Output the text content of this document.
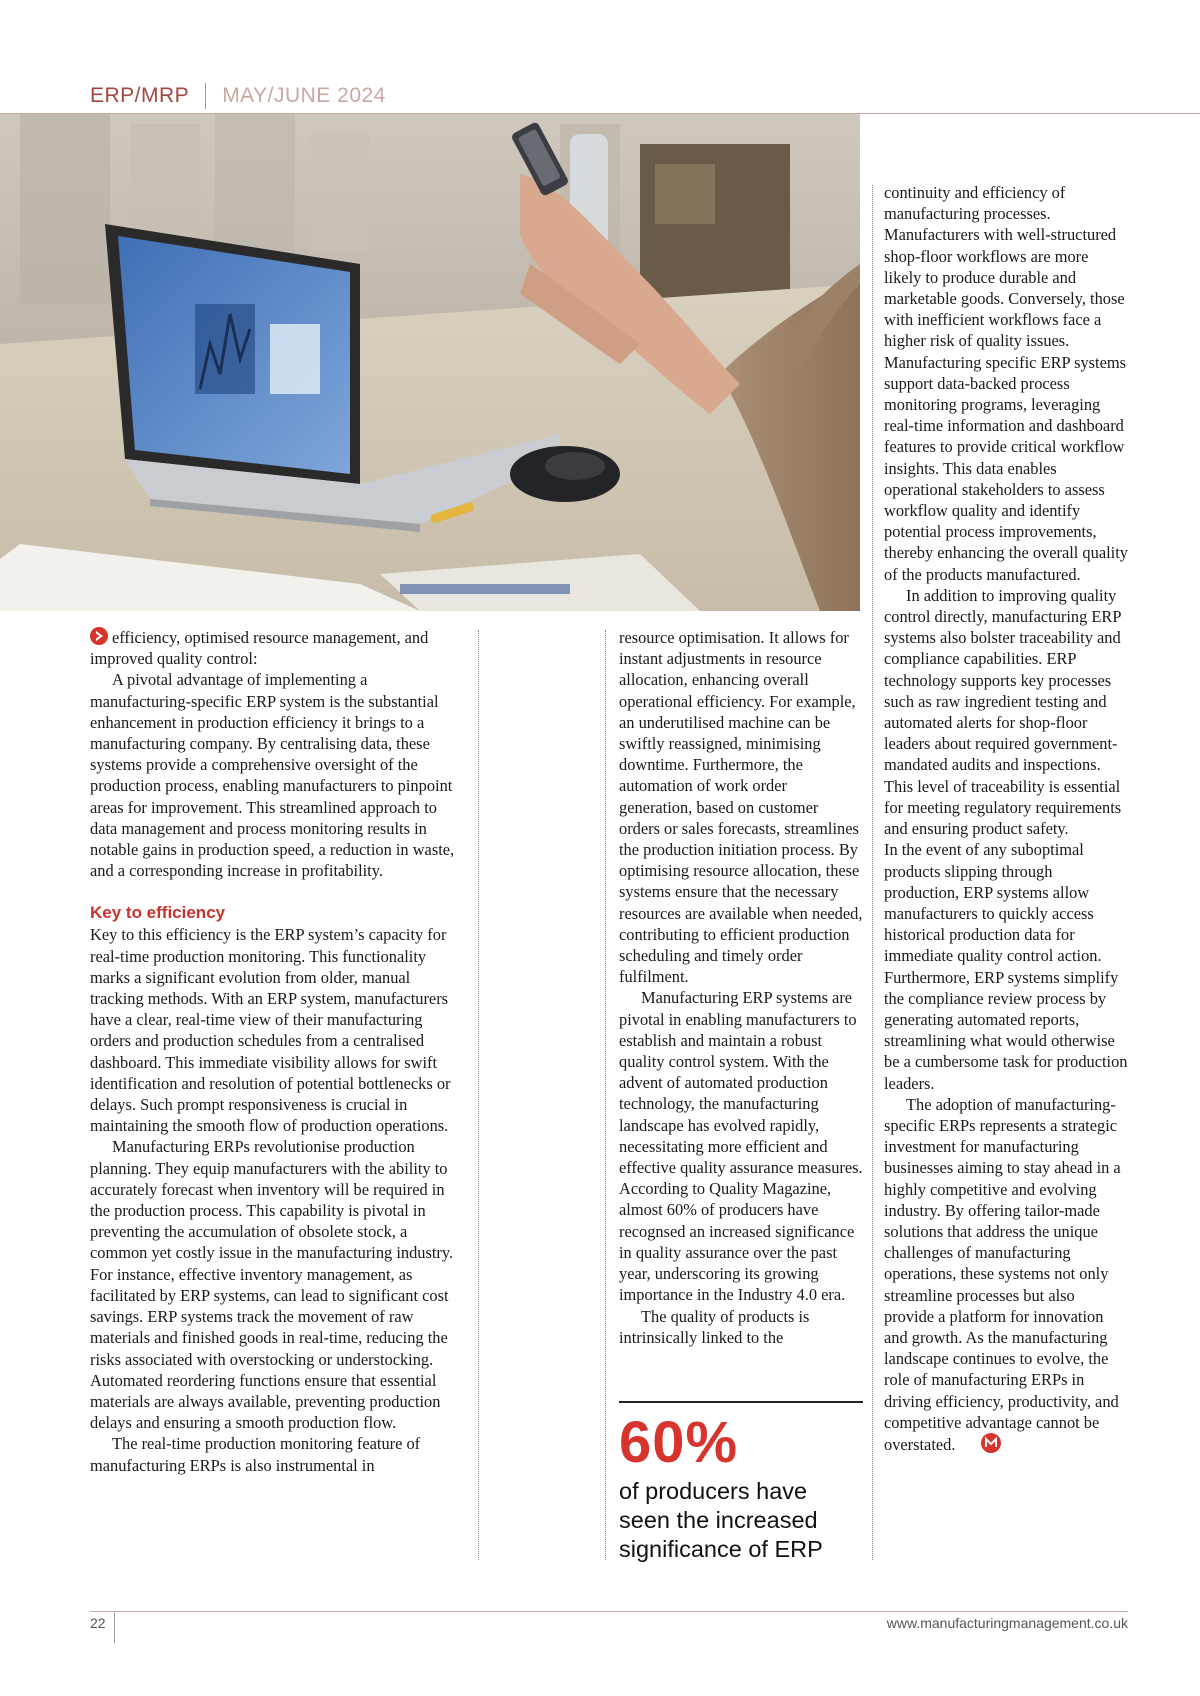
ERP/MRP MAY/JUNE 2024

efficiency, optimised resource management, and improved quality control:

A pivotal advantage of implementing a manufacturing-specific ERP system is the substantial enhancement in production efficiency it brings to a manufacturing company. By centralising data, these systems provide a comprehensive oversight of the production process, enabling manufacturers to pinpoint areas for improvement. This streamlined approach to data management and process monitoring results in notable gains in production speed, a reduction in waste, and a corresponding increase in profitability.

Key to efficiency

Key to this efficiency is the ERP system’s capacity for real-time production monitoring. This functionality marks a significant evolution from older, manual tracking methods. With an ERP system, manufacturers have a clear, real-time view of their manufacturing orders and production schedules from a centralised dashboard. This immediate visibility allows for swift identification and resolution of potential bottlenecks or delays. Such prompt responsiveness is crucial in maintaining the smooth flow of production operations.

Manufacturing ERPs revolutionise production planning. They equip manufacturers with the ability to accurately forecast when inventory will be required in the production process. This capability is pivotal in preventing the accumulation of obsolete stock, a common yet costly issue in the manufacturing industry. For instance, effective inventory management, as facilitated by ERP systems, can lead to significant cost savings. ERP systems track the movement of raw materials and finished goods in real-time, reducing the risks associated with overstocking or understocking. Automated reordering functions ensure that essential materials are always available, preventing production delays and ensuring a smooth production flow.

The real-time production monitoring feature of manufacturing ERPs is also instrumental in

resource optimisation. It allows for instant adjustments in resource allocation, enhancing overall operational efficiency. For example, an underutilised machine can be swiftly reassigned, minimising downtime. Furthermore, the automation of work order generation, based on customer orders or sales forecasts, streamlines the production initiation process. By optimising resource allocation, these systems ensure that the necessary resources are available when needed, contributing to efficient production scheduling and timely order fulfilment.

Manufacturing ERP systems are pivotal in enabling manufacturers to establish and maintain a robust quality control system. With the advent of automated production technology, the manufacturing landscape has evolved rapidly, necessitating more efficient and effective quality assurance measures. According to Quality Magazine, almost 60% of producers have recognsed an increased significance in quality assurance over the past year, underscoring its growing importance in the Industry 4.0 era.

The quality of products is intrinsically linked to the

60%
of producers have seen the increased significance of ERP

continuity and efficiency of manufacturing processes. Manufacturers with well-structured shop-floor workflows are more likely to produce durable and marketable goods. Conversely, those with inefficient workflows face a higher risk of quality issues. Manufacturing specific ERP systems support data-backed process monitoring programs, leveraging real-time information and dashboard features to provide critical workflow insights. This data enables operational stakeholders to assess workflow quality and identify potential process improvements, thereby enhancing the overall quality of the products manufactured.

In addition to improving quality control directly, manufacturing ERP systems also bolster traceability and compliance capabilities. ERP technology supports key processes such as raw ingredient testing and automated alerts for shop-floor leaders about required government-mandated audits and inspections. This level of traceability is essential for meeting regulatory requirements and ensuring product safety.

In the event of any suboptimal products slipping through production, ERP systems allow manufacturers to quickly access historical production data for immediate quality control action. Furthermore, ERP systems simplify the compliance review process by generating automated reports, streamlining what would otherwise be a cumbersome task for production leaders.

The adoption of manufacturing-specific ERPs represents a strategic investment for manufacturing businesses aiming to stay ahead in a highly competitive and evolving industry. By offering tailor-made solutions that address the unique challenges of manufacturing operations, these systems not only streamline processes but also provide a platform for innovation and growth. As the manufacturing landscape continues to evolve, the role of manufacturing ERPs in driving efficiency, productivity, and competitive advantage cannot be overstated.

22	www.manufacturingmanagement.co.uk
